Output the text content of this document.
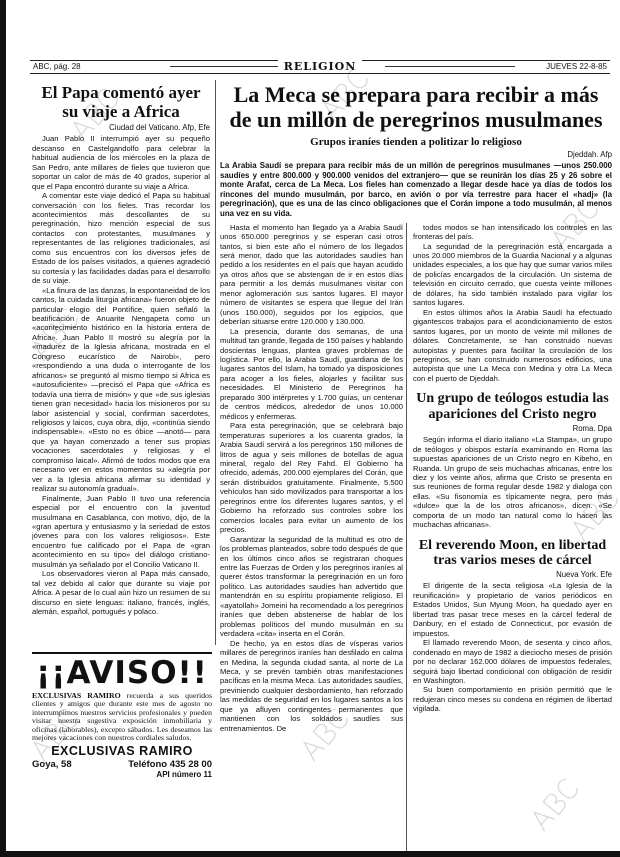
ABC, pág. 28	RELIGION	JUEVES 22-8-85
El Papa comentó ayer su viaje a Africa
Ciudad del Vaticano. Afp, Efe

Juan Pablo II interrumpió ayer su pequeño descanso en Castelgandolfo para celebrar la habitual audiencia de los miércoles en la plaza de San Pedro, ante millares de fieles que tuvieron que soportar un calor de más de 40 grados, superior al que el Papa encontró durante su viaje a Africa.

A comentar este viaje dedicó el Papa su habitual conversación con los fieles. Tras recordar los acontecimientos más descollantes de su peregrinación, hizo mención especial de sus contactos con protestantes, musulmanes y representantes de las religiones tradicionales, así como sus encuentros con los diversos jefes de Estado de los países visitados, a quienes agradeció su cortesía y las facilidades dadas para el desarrollo de su viaje.

«La finura de las danzas, la espontaneidad de los cantos, la cuidada liturgia africana» fueron objeto de particular elogio del Pontífice, quien señaló la beatificación de Anuarite Nengapeta como un «acontecimiento histórico en la historia entera de Africa». Juan Pablo II mostró su alegría por la «madurez de la Iglesia africana, mostrada en el Congreso eucarístico de Nairobi», pero «respondiendo a una duda o interrogante de los africanos» se preguntó al mismo tiempo si Africa es «autosuficiente» —precisó el Papa que «Africa es todavía una tierra de misión» y que «de sus iglesias tienen gran necesidad» hacia los misioneros por su labor asistencial y social, confirman sacerdotes, religiosos y laicos, cuya obra, dijo, «continúa siendo indispensable». «Esto no es óbice —anotó— para que ya hayan comenzado a tener sus propias vocaciones sacerdotales y religiosas y el compromiso laical». Afirmó de todos modos que era necesario ver en estos momentos su «alegría por ver a la Iglesia africana afirmar su identidad y realizar su autonomía gradual».

Finalmente, Juan Pablo II tuvo una referencia especial por el encuentro con la juventud musulmana en Casablanca, con motivo, dijo, de la «gran apertura y entusiasmo y la seriedad de estos jóvenes para con los valores religiosos». Este encuentro fue calificado por el Papa de «gran acontecimiento en su tipo» del diálogo cristiano-musulmán ya señalado por el Concilio Vaticano II.

Los observadores vieron al Papa más cansado, tal vez debido al calor que durante su viaje por Africa. A pesar de lo cual aún hizo un resumen de su discurso en siete lenguas: italiano, francés, inglés, alemán, español, portugués y polaco.

¡¡AVISO!!
EXCLUSIVAS RAMIRO recuerda a sus queridos clientes y amigos que durante este mes de agosto no interrumpimos nuestros servicios profesionales y pueden visitar nuestra sugestiva exposición inmobiliaria y oficinas (laborables), excepto sábados. Les deseamos las mejores vacaciones con nuestros cordiales saludos.
EXCLUSIVAS RAMIRO
Goya, 58	Teléfono 435 28 00
API número 11
La Meca se prepara para recibir a más de un millón de peregrinos musulmanes
Grupos iraníes tienden a politizar lo religioso
Djeddah. Afp
La Arabia Saudí se prepara para recibir más de un millón de peregrinos musulmanes —unos 250.000 saudíes y entre 800.000 y 900.000 venidos del extranjero— que se reunirán los días 25 y 26 sobre el monte Arafat, cerca de La Meca. Los fieles han comenzado a llegar desde hace ya días de todos los rincones del mundo musulmán, por barco, en avión o por vía terrestre para hacer el «hadj» (la peregrinación), que es una de las cinco obligaciones que el Corán impone a todo musulmán, al menos una vez en su vida.

Hasta el momento han llegado ya a Arabia Saudí unos 650.000 peregrinos y se esperan casi otros tantos, si bien este año el número de los llegados será menor, dado que las autoridades saudíes han pedido a los residentes en el país que hayan acudido ya otros años que se abstengan de ir en estos días para permitir a los demás musulmanes visitar con menor aglomeración sus santos lugares. El mayor número de visitantes se espera que llegue del Irán (unos 150.000), seguidos por los egipcios, que deberían situarse entre 120.000 y 130.000.

La presencia, durante dos semanas, de una multitud tan grande, llegada de 150 países y hablando doscientas lenguas, plantea graves problemas de logística. Por ello, la Arabia Saudí, guardiana de los lugares santos del Islam, ha tomado ya disposiciones para acoger a los fieles, alojarles y facilitar sus necesidades. El Ministerio de Peregrinos ha preparado 300 intérpretes y 1.700 guías, un centenar de centros médicos, alrededor de unos 10.000 médicos y enfermeras.

Para esta peregrinación, que se celebrará bajo temperaturas superiores a los cuarenta grados, la Arabia Saudí servirá a los peregrinos 150 millones de litros de agua y seis millones de botellas de agua mineral, regalo del Rey Fahd. El Gobierno ha ofrecido, además, 200.000 ejemplares del Corán, que serán distribuidos gratuitamente. Finalmente, 5.500 vehículos han sido movilizados para transportar a los peregrinos entre los diferentes lugares santos, y el Gobierno ha reforzado sus controles sobre los comercios locales para evitar un aumento de los precios.

Garantizar la seguridad de la multitud es otro de los problemas planteados, sobre todo después de que en los últimos cinco años se registraran choques entre las Fuerzas de Orden y los peregrinos iraníes al querer éstos transformar la peregrinación en un foro político. Las autoridades saudíes han advertido que mantendrán en su espíritu propiamente religioso. El «ayatollah» Jomeini ha recomendado a los peregrinos iraníes que deben abstenerse de hablar de los problemas políticos del mundo musulmán en su verdadera «cita» inserta en el Corán.

De hecho, ya en estos días de vísperas varios millares de peregrinos iraníes han desfilado en calma en Medina, la segunda ciudad santa, al norte de La Meca, y se prevén también otras manifestaciones pacíficas en la misma Meca. Las autoridades saudíes, previniendo cualquier desbordamiento, han reforzado las medidas de seguridad en los lugares santos a los que ya afluyen contingentes permanentes que mantienen con los soldados saudíes sus entrenamientos. De

todos modos se han intensificado los controles en las fronteras del país.

La seguridad de la peregrinación está encargada a unos 20.000 miembros de la Guardia Nacional y a algunas unidades especiales, a los que hay que sumar varios miles de policías encargados de la circulación. Un sistema de televisión en circuito cerrado, que cuesta veinte millones de dólares, ha sido también instalado para vigilar los santos lugares.

En estos últimos años la Arabia Saudí ha efectuado gigantescos trabajos para el acondicionamiento de estos santos lugares, por un monto de veinte mil millones de dólares. Concretamente, se han construido nuevas autopistas y puentes para facilitar la circulación de los peregrinos, se han construido numerosos edificios, una autopista que une La Meca con Medina y otra La Meca con el puerto de Djeddah.

Un grupo de teólogos estudia las apariciones del Cristo negro
Roma. Dpa

Según informa el diario italiano «La Stampa», un grupo de teólogos y obispos estaría examinando en Roma las supuestas apariciones de un Cristo negro en Kibeho, en Ruanda. Un grupo de seis muchachas africanas, entre los diez y los veinte años, afirma que Cristo se presenta en sus reuniones de forma regular desde 1982 y dialoga con ellas. «Su fisonomía es típicamente negra, pero más «dulce» que la de los otros africanos», dicen. «Se comporta de un modo tan natural como lo hacen las muchachas africanas».

El reverendo Moon, en libertad tras varios meses de cárcel
Nueva York. Efe

El dirigente de la secta religiosa «La Iglesia de la reunificación» y propietario de varios periódicos en Estados Unidos, Sun Myung Moon, ha quedado ayer en libertad tras pasar trece meses en la cárcel federal de Danbury, en el estado de Connecticut, por evasión de impuestos.

El llamado reverendo Moon, de sesenta y cinco años, condenado en mayo de 1982 a dieciocho meses de prisión por no declarar 162.000 dólares de impuestos federales, seguirá bajo libertad condicional con obligación de residir en Washington.

Su buen comportamiento en prisión permitió que le redujeran cinco meses su condena en régimen de libertad vigilada.
